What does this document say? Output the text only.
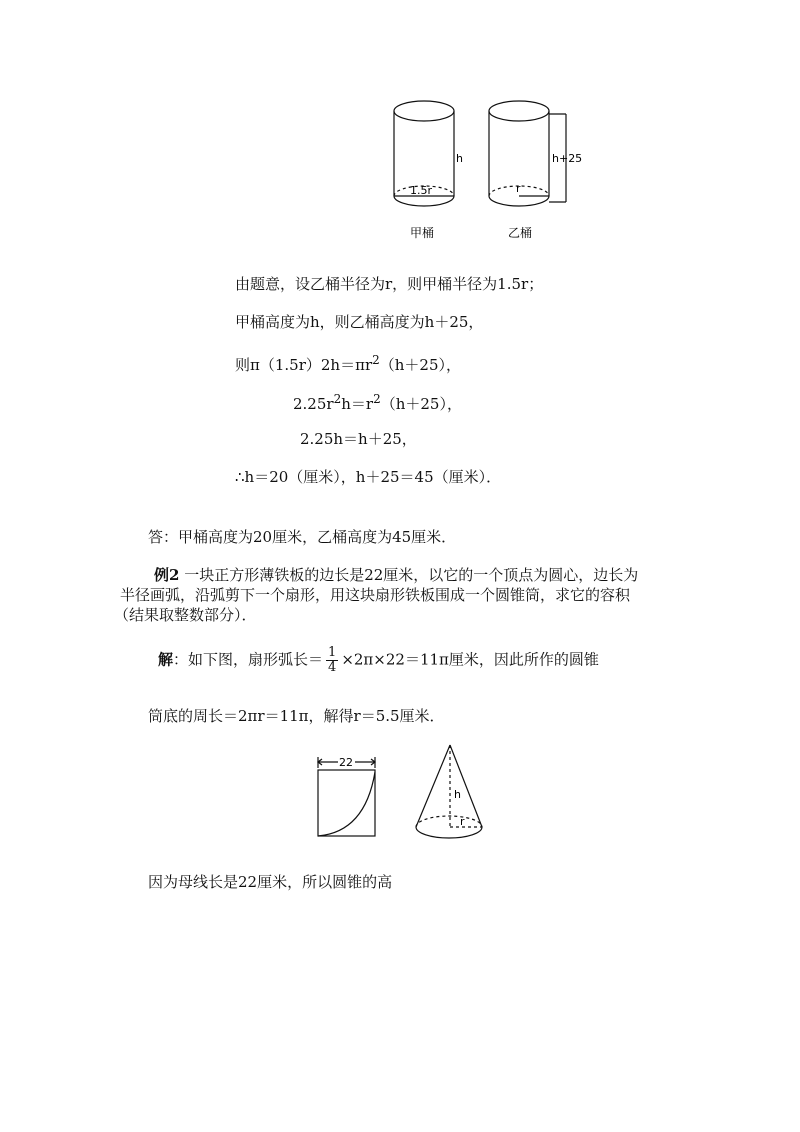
1.5r
h
r
h+25
甲桶	乙桶
由题意，设乙桶半径为r，则甲桶半径为1.5r；
甲桶高度为h，则乙桶高度为h＋25，
则$\pi(1.5r)2h=\pi r^2(h+25)$，
$2.25r^2h=r^2(h+25)$，
2.25h＝h＋25，
∴h＝20（厘米），h＋25＝45（厘米）．
答：甲桶高度为20厘米，乙桶高度为45厘米．
例2 一块正方形薄铁板的边长是22厘米，以它的一个顶点为圆心，边长为
半径画弧，沿弧剪下一个扇形，用这块扇形铁板围成一个圆锥筒，求它的容积
（结果取整数部分）．
解：如下图，扇形弧长＝ $\frac{1}{4} \times 2\pi\times 22=11\pi$厘米，因此所作的圆锥
筒底的周长＝2πr＝11π，解得r＝5.5厘米．
22
h
r
因为母线长是22厘米，所以圆锥的高
